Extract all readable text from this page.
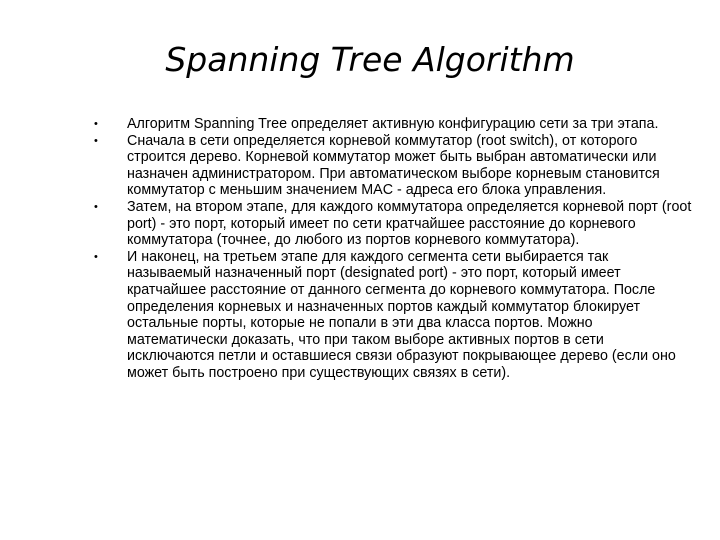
Spanning Tree Algorithm
•	Алгоритм Spanning Tree определяет активную конфигурацию сети за три этапа.
•	Сначала в сети определяется корневой коммутатор (root switch), от которого строится дерево. Корневой коммутатор может быть выбран автоматически или назначен администратором. При автоматическом выборе корневым становится коммутатор с меньшим значением MAC - адреса его блока управления.
•	Затем, на втором этапе, для каждого коммутатора определяется корневой порт (root port) - это порт, который имеет по сети кратчайшее расстояние до корневого коммутатора (точнее, до любого из портов корневого коммутатора).
•	И наконец, на третьем этапе для каждого сегмента сети выбирается так называемый назначенный порт (designated port) - это порт, который имеет кратчайшее расстояние от данного сегмента до корневого коммутатора. После определения корневых и назначенных портов каждый коммутатор блокирует остальные порты, которые не попали в эти два класса портов. Можно математически доказать, что при таком выборе активных портов в сети исключаются петли и оставшиеся связи образуют покрывающее дерево (если оно может быть построено при существующих связях в сети).
